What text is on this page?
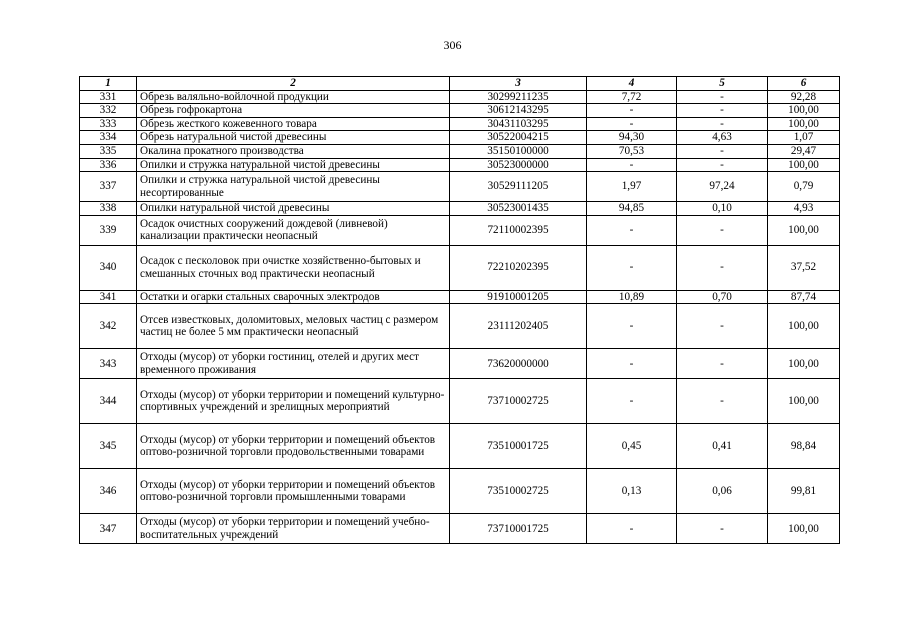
306
1	2	3	4	5	6
331	Обрезь валяльно-войлочной продукции	30299211235	7,72	-	92,28
332	Обрезь гофрокартона	30612143295	-	-	100,00
333	Обрезь жесткого кожевенного товара	30431103295	-	-	100,00
334	Обрезь натуральной чистой древесины	30522004215	94,30	4,63	1,07
335	Окалина прокатного производства	35150100000	70,53	-	29,47
336	Опилки и стружка натуральной чистой древесины	30523000000	-	-	100,00
337	Опилки и стружка натуральной чистой древесины несортированные	30529111205	1,97	97,24	0,79
338	Опилки натуральной чистой древесины	30523001435	94,85	0,10	4,93
339	Осадок очистных сооружений дождевой (ливневой) канализации практически неопасный	72110002395	-	-	100,00
340	Осадок с песколовок при очистке хозяйственно-бытовых и смешанных сточных вод практически неопасный	72210202395	-	-	37,52
341	Остатки и огарки стальных сварочных электродов	91910001205	10,89	0,70	87,74
342	Отсев известковых, доломитовых, меловых частиц с размером частиц не более 5 мм практически неопасный	23111202405	-	-	100,00
343	Отходы (мусор) от уборки гостиниц, отелей и других мест временного проживания	73620000000	-	-	100,00
344	Отходы (мусор) от уборки территории и помещений культурно-спортивных учреждений и зрелищных мероприятий	73710002725	-	-	100,00
345	Отходы (мусор) от уборки территории и помещений объектов оптово-розничной торговли продовольственными товарами	73510001725	0,45	0,41	98,84
346	Отходы (мусор) от уборки территории и помещений объектов оптово-розничной торговли промышленными товарами	73510002725	0,13	0,06	99,81
347	Отходы (мусор) от уборки территории и помещений учебно-воспитательных учреждений	73710001725	-	-	100,00
